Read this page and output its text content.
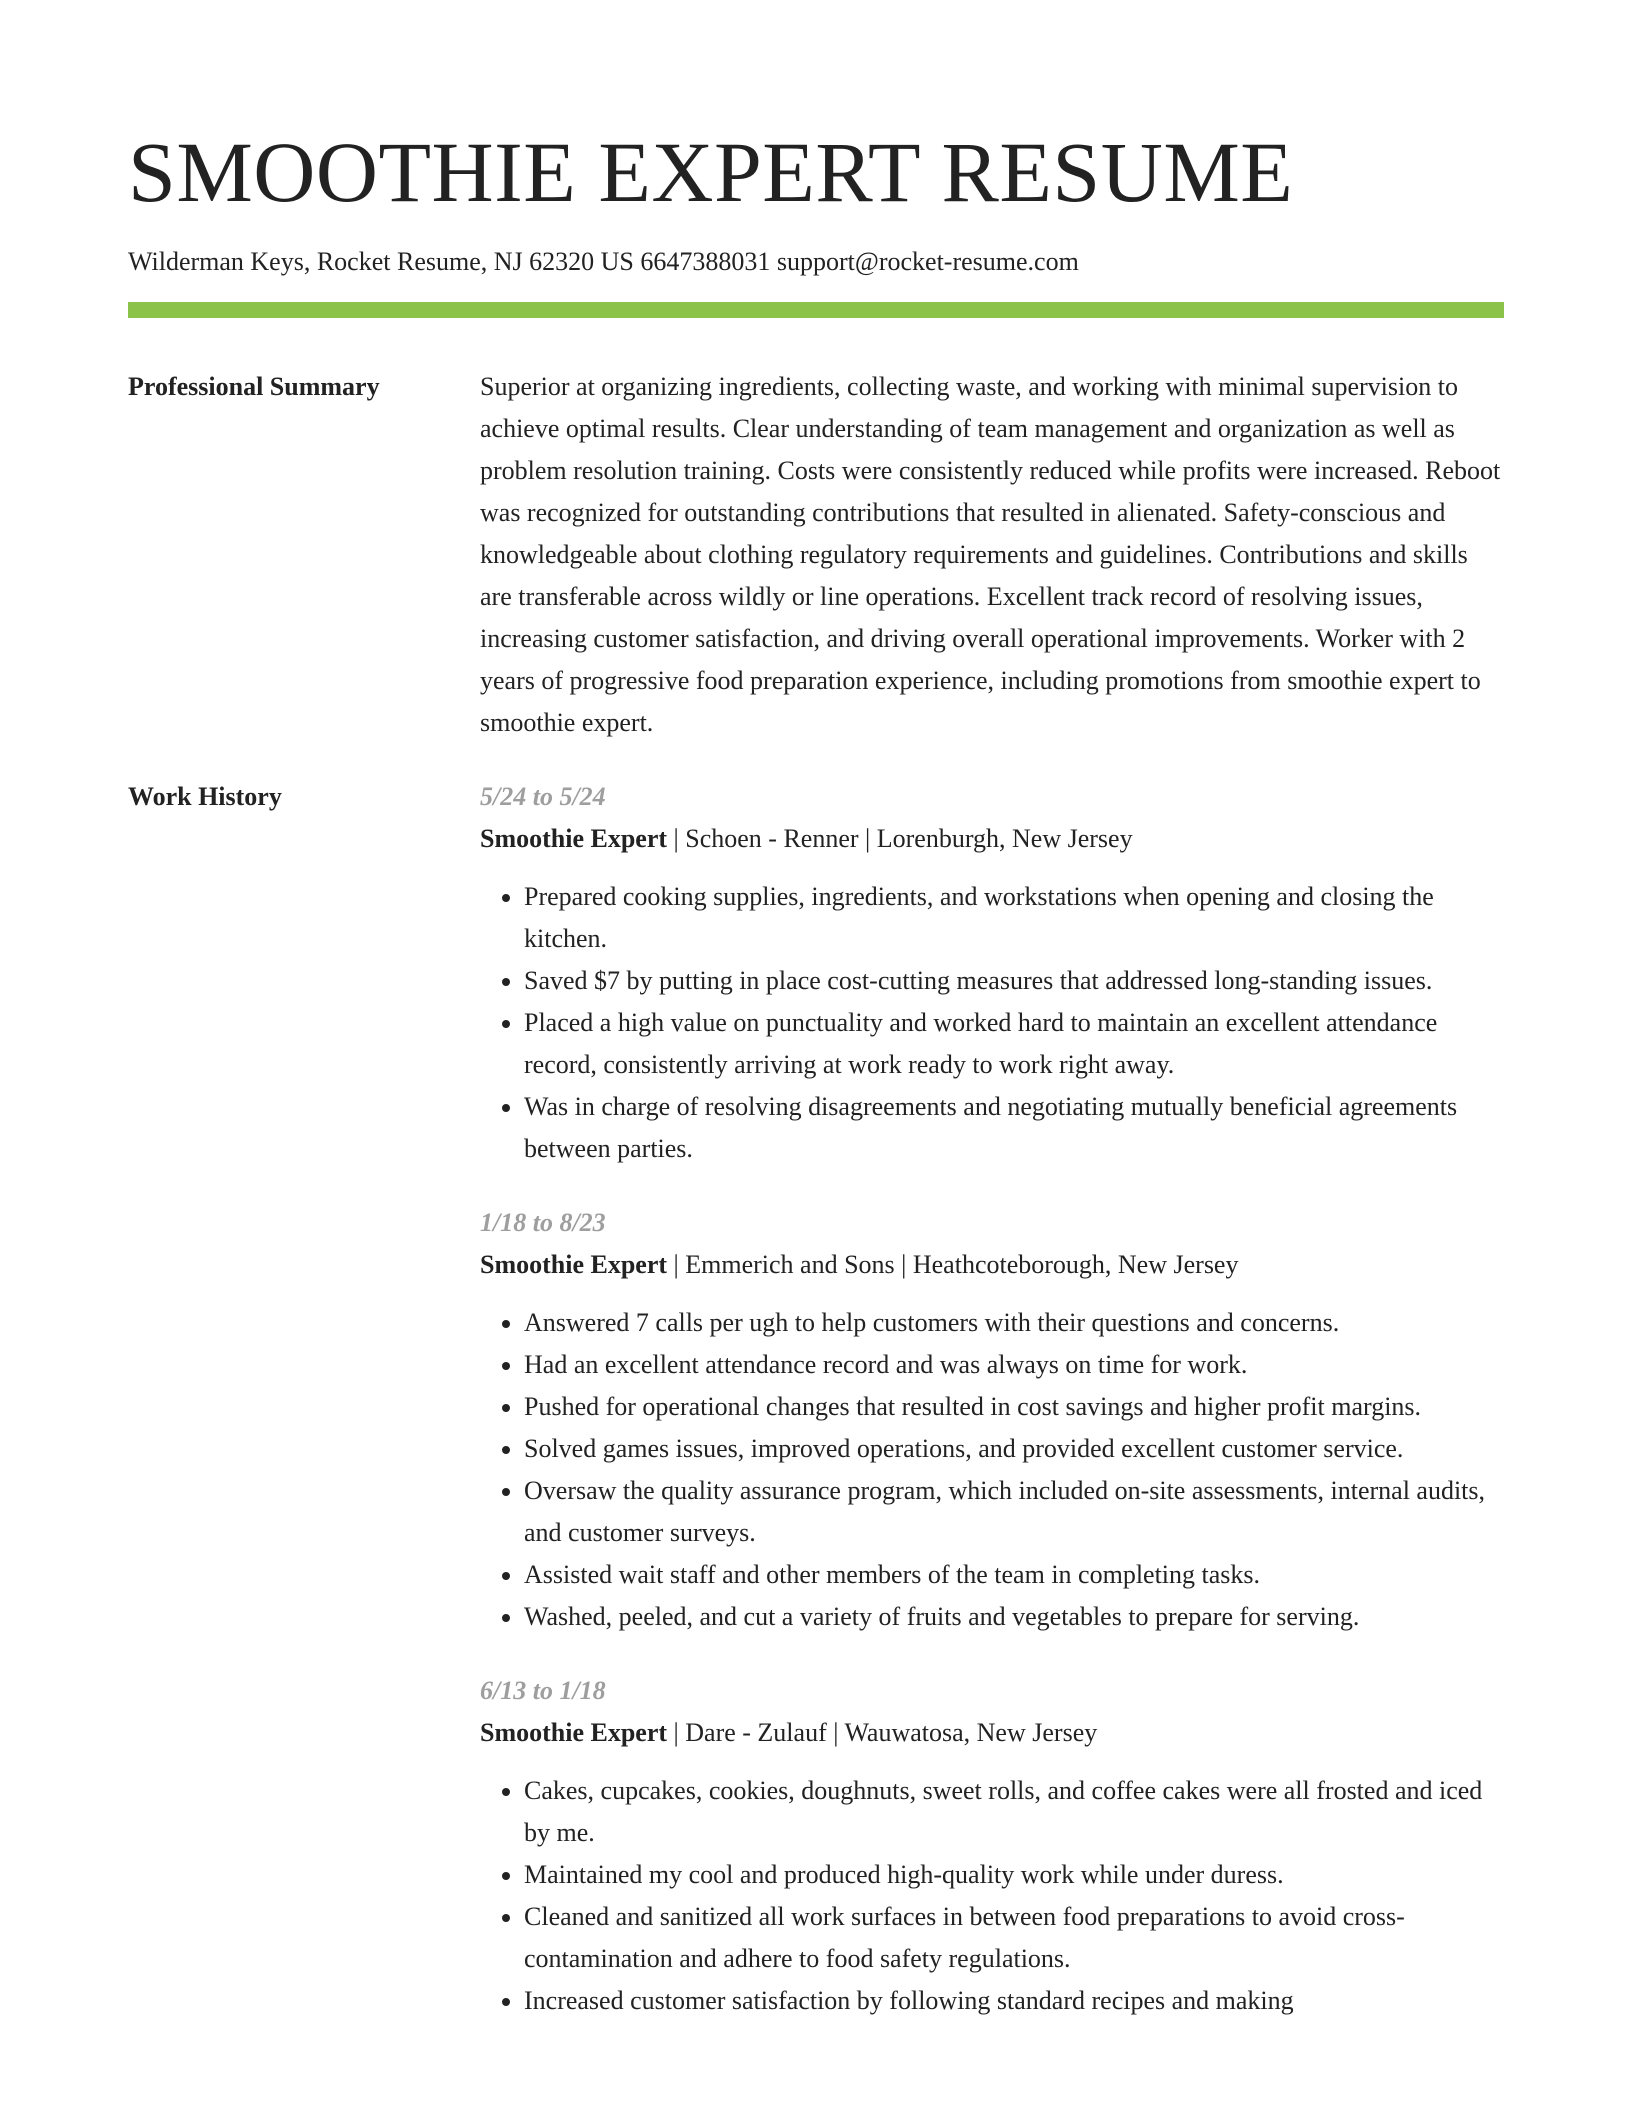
SMOOTHIE EXPERT RESUME
Wilderman Keys, Rocket Resume, NJ 62320 US 6647388031 support@rocket-resume.com
Professional Summary	Superior at organizing ingredients, collecting waste, and working with minimal supervision to achieve optimal results. Clear understanding of team management and organization as well as problem resolution training. Costs were consistently reduced while profits were increased. Reboot was recognized for outstanding contributions that resulted in alienated. Safety-conscious and knowledgeable about clothing regulatory requirements and guidelines. Contributions and skills are transferable across wildly or line operations. Excellent track record of resolving issues, increasing customer satisfaction, and driving overall operational improvements. Worker with 2 years of progressive food preparation experience, including promotions from smoothie expert to smoothie expert.

Work History	5/24 to 5/24
Smoothie Expert | Schoen - Renner | Lorenburgh, New Jersey
• Prepared cooking supplies, ingredients, and workstations when opening and closing the kitchen.
• Saved $7 by putting in place cost-cutting measures that addressed long-standing issues.
• Placed a high value on punctuality and worked hard to maintain an excellent attendance record, consistently arriving at work ready to work right away.
• Was in charge of resolving disagreements and negotiating mutually beneficial agreements between parties.
1/18 to 8/23
Smoothie Expert | Emmerich and Sons | Heathcoteborough, New Jersey
• Answered 7 calls per ugh to help customers with their questions and concerns.
• Had an excellent attendance record and was always on time for work.
• Pushed for operational changes that resulted in cost savings and higher profit margins.
• Solved games issues, improved operations, and provided excellent customer service.
• Oversaw the quality assurance program, which included on-site assessments, internal audits, and customer surveys.
• Assisted wait staff and other members of the team in completing tasks.
• Washed, peeled, and cut a variety of fruits and vegetables to prepare for serving.
6/13 to 1/18
Smoothie Expert | Dare - Zulauf | Wauwatosa, New Jersey
• Cakes, cupcakes, cookies, doughnuts, sweet rolls, and coffee cakes were all frosted and iced by me.
• Maintained my cool and produced high-quality work while under duress.
• Cleaned and sanitized all work surfaces in between food preparations to avoid cross-contamination and adhere to food safety regulations.
• Increased customer satisfaction by following standard recipes and making
